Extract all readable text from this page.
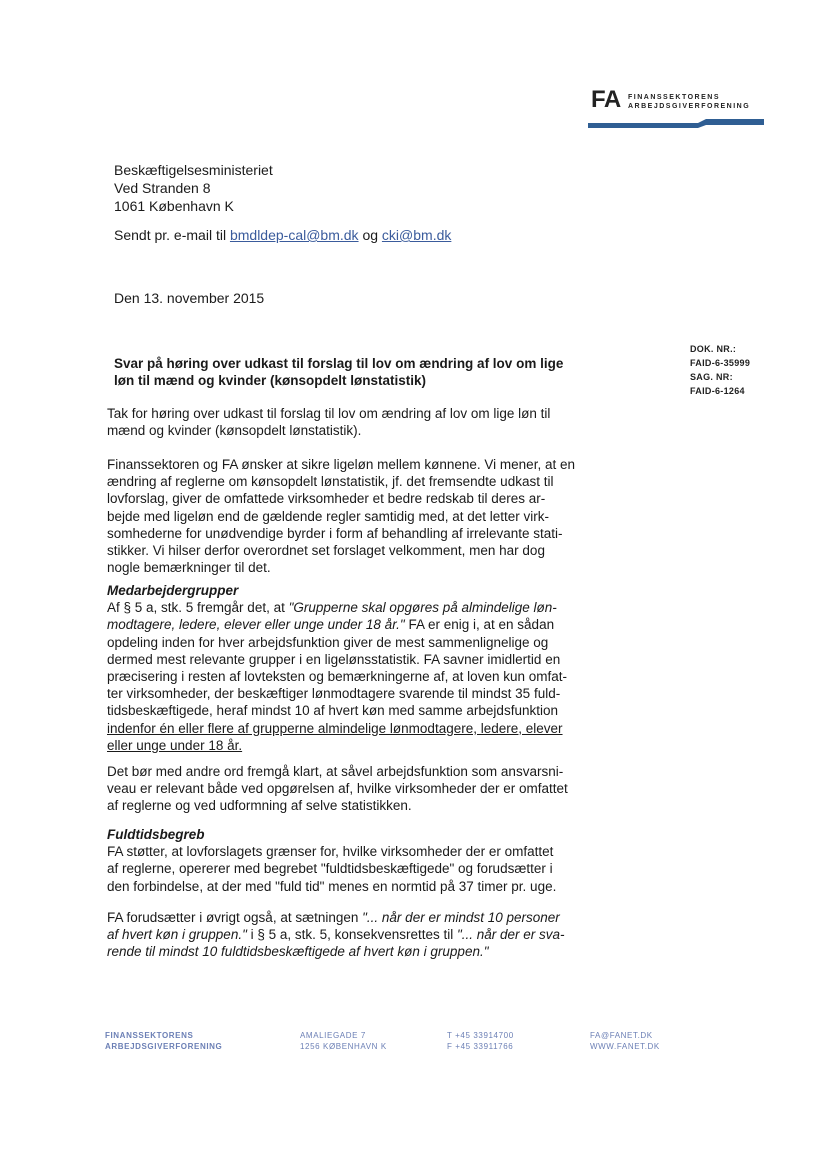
FA FINANSSEKTORENS
ARBEJDSGIVERFORENING
Beskæftigelsesministeriet
Ved Stranden 8
1061 København K
Sendt pr. e-mail til bmdldep-cal@bm.dk og cki@bm.dk
Den 13. november 2015
DOK. NR.:
FAID-6-35999
SAG. NR:
FAID-6-1264
Svar på høring over udkast til forslag til lov om ændring af lov om lige
løn til mænd og kvinder (kønsopdelt lønstatistik)
Tak for høring over udkast til forslag til lov om ændring af lov om lige løn til
mænd og kvinder (kønsopdelt lønstatistik).
Finanssektoren og FA ønsker at sikre ligeløn mellem kønnene. Vi mener, at en
ændring af reglerne om kønsopdelt lønstatistik, jf. det fremsendte udkast til
lovforslag, giver de omfattede virksomheder et bedre redskab til deres ar-
bejde med ligeløn end de gældende regler samtidig med, at det letter virk-
somhederne for unødvendige byrder i form af behandling af irrelevante stati-
stikker. Vi hilser derfor overordnet set forslaget velkomment, men har dog
nogle bemærkninger til det.
Medarbejdergrupper
Af § 5 a, stk. 5 fremgår det, at "Grupperne skal opgøres på almindelige løn-
modtagere, ledere, elever eller unge under 18 år." FA er enig i, at en sådan
opdeling inden for hver arbejdsfunktion giver de mest sammenlignelige og
dermed mest relevante grupper i en ligelønsstatistik. FA savner imidlertid en
præcisering i resten af lovteksten og bemærkningerne af, at loven kun omfat-
ter virksomheder, der beskæftiger lønmodtagere svarende til mindst 35 fuld-
tidsbeskæftigede, heraf mindst 10 af hvert køn med samme arbejdsfunktion
indenfor én eller flere af grupperne almindelige lønmodtagere, ledere, elever
eller unge under 18 år.
Det bør med andre ord fremgå klart, at såvel arbejdsfunktion som ansvarsni-
veau er relevant både ved opgørelsen af, hvilke virksomheder der er omfattet
af reglerne og ved udformning af selve statistikken.
Fuldtidsbegreb
FA støtter, at lovforslagets grænser for, hvilke virksomheder der er omfattet
af reglerne, opererer med begrebet "fuldtidsbeskæftigede" og forudsætter i
den forbindelse, at der med "fuld tid" menes en normtid på 37 timer pr. uge.
FA forudsætter i øvrigt også, at sætningen "... når der er mindst 10 personer
af hvert køn i gruppen." i § 5 a, stk. 5, konsekvensrettes til "... når der er sva-
rende til mindst 10 fuldtidsbeskæftigede af hvert køn i gruppen."
FINANSSEKTORENS
ARBEJDSGIVERFORENING
AMALIEGADE 7
1256 KØBENHAVN K
T +45 33914700
F +45 33911766
FA@FANET.DK
WWW.FANET.DK
